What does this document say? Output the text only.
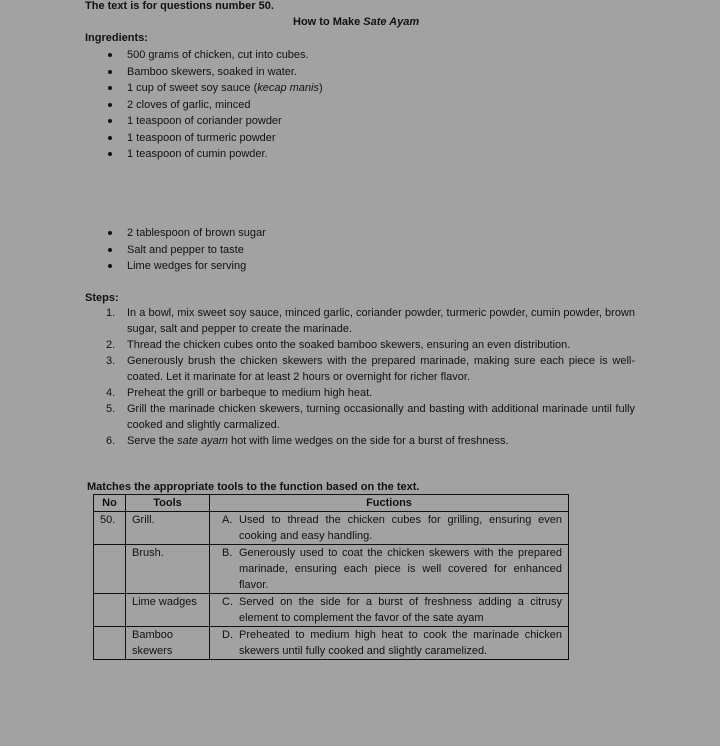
The text is for questions number 50.
How to Make Sate Ayam
Ingredients:
500 grams of chicken, cut into cubes.
Bamboo skewers, soaked in water.
1 cup of sweet soy sauce (kecap manis)
2 cloves of garlic, minced
1 teaspoon of coriander powder
1 teaspoon of turmeric powder
1 teaspoon of cumin powder.
2 tablespoon of brown sugar
Salt and pepper to taste
Lime wedges for serving
Steps:
1. In a bowl, mix sweet soy sauce, minced garlic, coriander powder, turmeric powder, cumin powder, brown sugar, salt and pepper to create the marinade.
2. Thread the chicken cubes onto the soaked bamboo skewers, ensuring an even distribution.
3. Generously brush the chicken skewers with the prepared marinade, making sure each piece is well-coated. Let it marinate for at least 2 hours or overnight for richer flavor.
4. Preheat the grill or barbeque to medium high heat.
5. Grill the marinade chicken skewers, turning occasionally and basting with additional marinade until fully cooked and slightly carmalized.
6. Serve the sate ayam hot with lime wedges on the side for a burst of freshness.
Matches the appropriate tools to the function based on the text.
No	Tools	Fuctions
50.	Grill.	A. Used to thread the chicken cubes for grilling, ensuring even cooking and easy handling.

	Brush.	B. Generously used to coat the chicken skewers with the prepared marinade, ensuring each piece is well covered for enhanced flavor.

	Lime wadges	C. Served on the side for a burst of freshness adding a citrusy element to complement the favor of the sate ayam

	Bamboo skewers	D. Preheated to medium high heat to cook the marinade chicken skewers until fully cooked and slightly caramelized.
